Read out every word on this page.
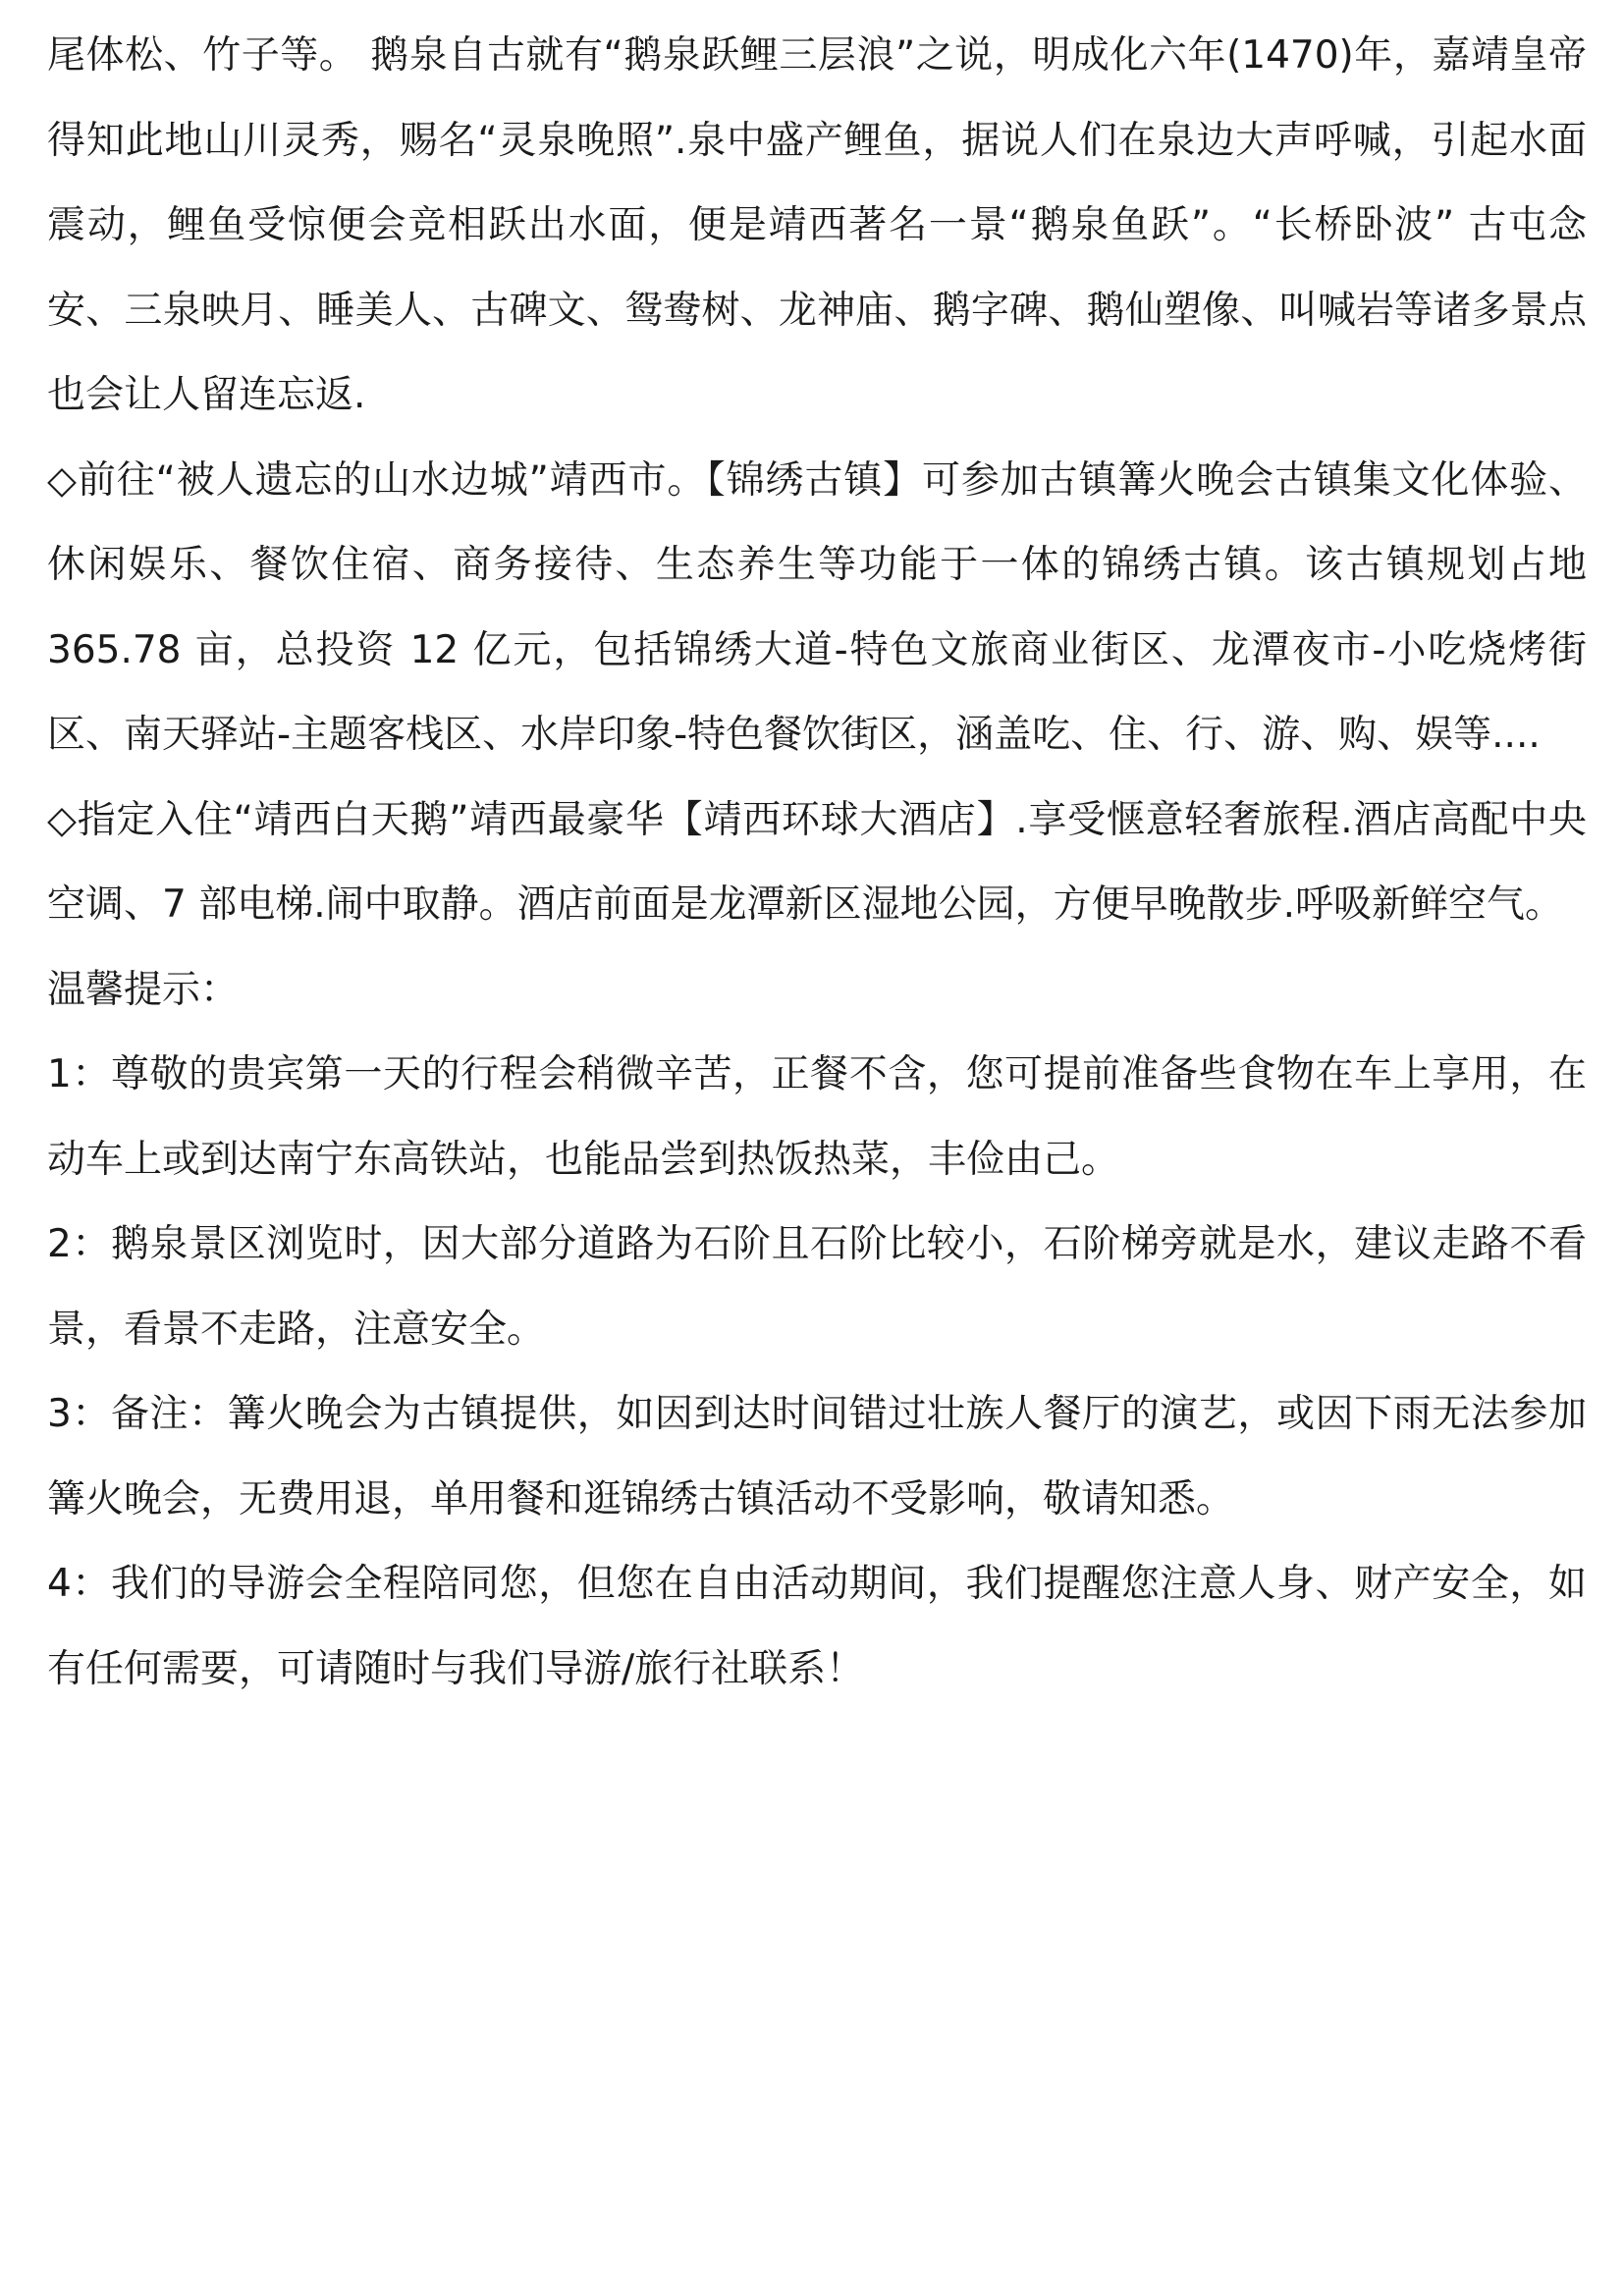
尾体松、竹子等。 鹅泉自古就有“鹅泉跃鲤三层浪”之说，明成化六年(1470)年，嘉靖皇帝得知此地山川灵秀，赐名“灵泉晚照”.泉中盛产鲤鱼，据说人们在泉边大声呼喊，引起水面震动，鲤鱼受惊便会竞相跃出水面，便是靖西著名一景“鹅泉鱼跃”。“长桥卧波” 古屯念安、三泉映月、睡美人、古碑文、鸳鸯树、龙神庙、鹅字碑、鹅仙塑像、叫喊岩等诸多景点也会让人留连忘返.

◇前往“被人遗忘的山水边城”靖西市。【锦绣古镇】可参加古镇篝火晚会古镇集文化体验、休闲娱乐、餐饮住宿、商务接待、生态养生等功能于一体的锦绣古镇。该古镇规划占地 365.78 亩，总投资 12 亿元，包括锦绣大道-特色文旅商业街区、龙潭夜市-小吃烧烤街区、南天驿站-主题客栈区、水岸印象-特色餐饮街区，涵盖吃、住、行、游、购、娱等....

◇指定入住“靖西白天鹅”靖西最豪华【靖西环球大酒店】.享受惬意轻奢旅程.酒店高配中央空调、7 部电梯.闹中取静。酒店前面是龙潭新区湿地公园，方便早晚散步.呼吸新鲜空气。

温馨提示：

1：尊敬的贵宾第一天的行程会稍微辛苦，正餐不含，您可提前准备些食物在车上享用，在动车上或到达南宁东高铁站，也能品尝到热饭热菜，丰俭由己。

2：鹅泉景区浏览时，因大部分道路为石阶且石阶比较小，石阶梯旁就是水，建议走路不看景，看景不走路，注意安全。

3：备注：篝火晚会为古镇提供，如因到达时间错过壮族人餐厅的演艺，或因下雨无法参加篝火晚会，无费用退，单用餐和逛锦绣古镇活动不受影响，敬请知悉。

4：我们的导游会全程陪同您，但您在自由活动期间，我们提醒您注意人身、财产安全，如有任何需要，可请随时与我们导游/旅行社联系！
